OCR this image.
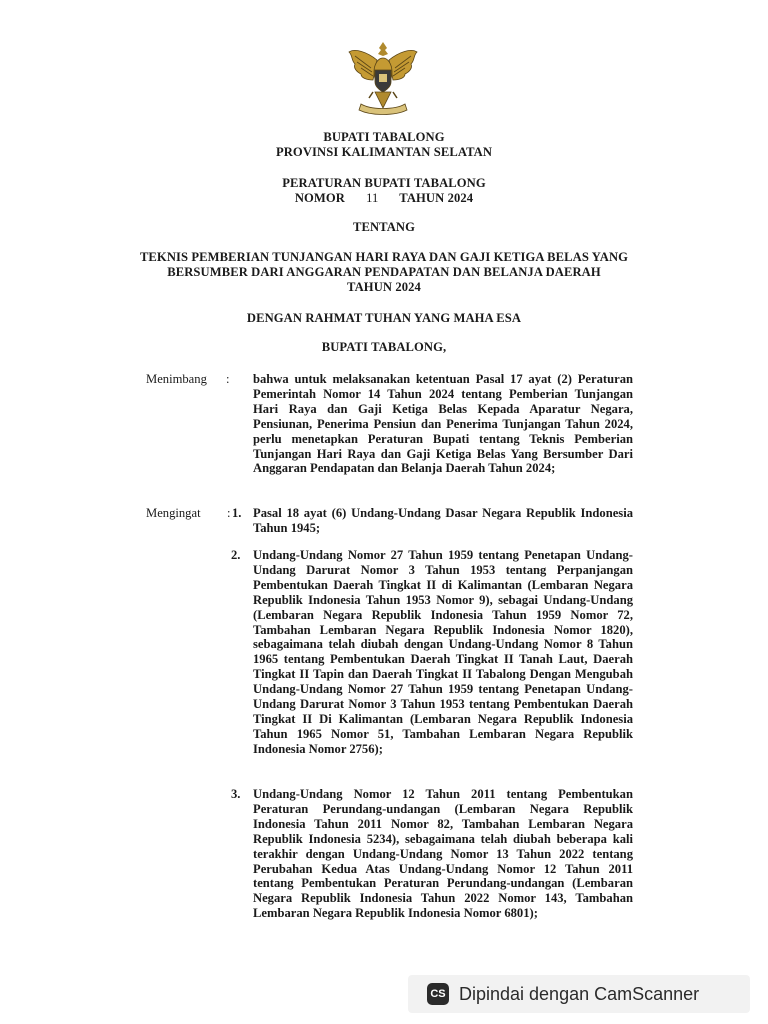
BUPATI TABALONG
PROVINSI KALIMANTAN SELATAN
PERATURAN BUPATI TABALONG
NOMOR 11 TAHUN 2024
TENTANG
TEKNIS PEMBERIAN TUNJANGAN HARI RAYA DAN GAJI KETIGA BELAS YANG
BERSUMBER DARI ANGGARAN PENDAPATAN DAN BELANJA DAERAH
TAHUN 2024
DENGAN RAHMAT TUHAN YANG MAHA ESA
BUPATI TABALONG,
Menimbang : bahwa untuk melaksanakan ketentuan Pasal 17 ayat (2) Peraturan Pemerintah Nomor 14 Tahun 2024 tentang Pemberian Tunjangan Hari Raya dan Gaji Ketiga Belas Kepada Aparatur Negara, Pensiunan, Penerima Pensiun dan Penerima Tunjangan Tahun 2024, perlu menetapkan Peraturan Bupati tentang Teknis Pemberian Tunjangan Hari Raya dan Gaji Ketiga Belas Yang Bersumber Dari Anggaran Pendapatan dan Belanja Daerah Tahun 2024;
Mengingat : 1. Pasal 18 ayat (6) Undang-Undang Dasar Negara Republik Indonesia Tahun 1945;
2. Undang-Undang Nomor 27 Tahun 1959 tentang Penetapan Undang-Undang Darurat Nomor 3 Tahun 1953 tentang Perpanjangan Pembentukan Daerah Tingkat II di Kalimantan (Lembaran Negara Republik Indonesia Tahun 1953 Nomor 9), sebagai Undang-Undang (Lembaran Negara Republik Indonesia Tahun 1959 Nomor 72, Tambahan Lembaran Negara Republik Indonesia Nomor 1820), sebagaimana telah diubah dengan Undang-Undang Nomor 8 Tahun 1965 tentang Pembentukan Daerah Tingkat II Tanah Laut, Daerah Tingkat II Tapin dan Daerah Tingkat II Tabalong Dengan Mengubah Undang-Undang Nomor 27 Tahun 1959 tentang Penetapan Undang-Undang Darurat Nomor 3 Tahun 1953 tentang Pembentukan Daerah Tingkat II Di Kalimantan (Lembaran Negara Republik Indonesia Tahun 1965 Nomor 51, Tambahan Lembaran Negara Republik Indonesia Nomor 2756);
3. Undang-Undang Nomor 12 Tahun 2011 tentang Pembentukan Peraturan Perundang-undangan (Lembaran Negara Republik Indonesia Tahun 2011 Nomor 82, Tambahan Lembaran Negara Republik Indonesia 5234), sebagaimana telah diubah beberapa kali terakhir dengan Undang-Undang Nomor 13 Tahun 2022 tentang Perubahan Kedua Atas Undang-Undang Nomor 12 Tahun 2011 tentang Pembentukan Peraturan Perundang-undangan (Lembaran Negara Republik Indonesia Tahun 2022 Nomor 143, Tambahan Lembaran Negara Republik Indonesia Nomor 6801);
CS Dipindai dengan CamScanner
